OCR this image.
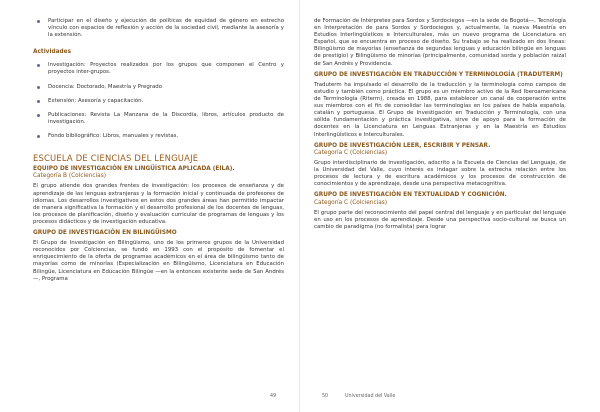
Participar en el diseño y ejecución de políticas de equidad de género en estrecho vínculo con espacios de reflexión y acción de la sociedad civil, mediante la asesoría y la extensión.
Actividades
Investigación: Proyectos realizados por los grupos que componen el Centro y proyectos inter-grupos.
Docencia: Doctorado, Maestría y Pregrado
Extensión: Asesoría y capacitación.
Publicaciones: Revista La Manzana de la Discordia, libros, artículos producto de investigación.
Fondo bibliográfico: Libros, manuales y revistas.
ESCUELA DE CIENCIAS DEL LENGUAJE
EQUIPO DE INVESTIGACIÓN EN LINGÜÍSTICA APLICADA (EILA).
Categoría B (Colciencias)

El grupo atiende dos grandes frentes de investigación: los procesos de enseñanza y de aprendizaje de las lenguas extranjeras y la formación inicial y continuada de profesores de idiomas. Los desarrollos investigativos en estos dos grandes áreas han permitido impactar de manera significativa la formación y el desarrollo profesional de los docentes de lenguas, los procesos de planificación, diseño y evaluación curricular de programas de lenguas y los procesos didácticos y de investigación educativa.

GRUPO DE INVESTIGACIÓN EN BILINGÜISMO

El Grupo de Investigación en Bilingüismo, uno de los primeros grupos de la Universidad reconocidos por Colciencias, se fundó en 1993 con el propósito de fomentar el enriquecimiento de la oferta de programas académicos en el área de bilingüismo tanto de mayorías como de minorías (Especialización en Bilingüismo, Licenciatura en Educación Bilingüe, Licenciatura en Educación Bilingüe —en la entonces existente sede de San Andrés—, Programa

de Formación de Intérpretes para Sordos y Sordociegos —en la sede de Bogotá—, Tecnología en Interpretación de para Sordos y Sordociegos y, actualmente, la nueva Maestría en Estudios Interlingüísticos e Interculturales, más un nuevo programa de Licenciatura en Español, que se encuentra en proceso de diseño. Su trabajo se ha realizado en dos líneas: Bilingüismo de mayorías (enseñanza de segundas lenguas y educación bilingüe en lenguas de prestigio) y Bilingüismo de minorías (principalmente, comunidad sorda y población raizal de San Andrés y Providencia.

GRUPO DE INVESTIGACIÓN EN TRADUCCIÓN Y TERMINOLOGÍA (TRADUTERM)

Traduterm ha impulsado el desarrollo de la traducción y la terminología como campos de estudio y también como práctica. El grupo es un miembro activo de la Red Iberoamericana de Terminología (Riterm), creada en 1988, para establecer un canal de cooperación entre sus miembros con el fin de consolidar las terminologías en los países de habla española, catalán y portuguesa. El Grupo de Investigación en Traducción y Terminología, con una sólida fundamentación y práctica investigativa, sirve de apoyo para la formación de docentes en la Licenciatura en Lenguas Extranjeras y en la Maestría en Estudios Interlingüísticos e Interculturales.

GRUPO DE INVESTIGACIÓN LEER, ESCRIBIR Y PENSAR.
Categoría C (Colciencias)

Grupo interdisciplinario de investigación, adscrito a la Escuela de Ciencias del Lenguaje, de la Universidad del Valle, cuyo interés es indagar sobre la estrecha relación entre los procesos de lectura y de escritura académicos y los procesos de construcción de conocimientos y de aprendizaje, desde una perspectiva metacognitiva.

GRUPO DE INVESTIGACIÓN EN TEXTUALIDAD Y COGNICIÓN.
Categoría C (Colciencias)

El grupo parte del reconocimiento del papel central del lenguaje y en particular del lenguaje en uso en los procesos de aprendizaje. Desde una perspectiva socio-cultural se busca un cambio de paradigma (no formalista) para lograr

49	50	Universidad del Valle
